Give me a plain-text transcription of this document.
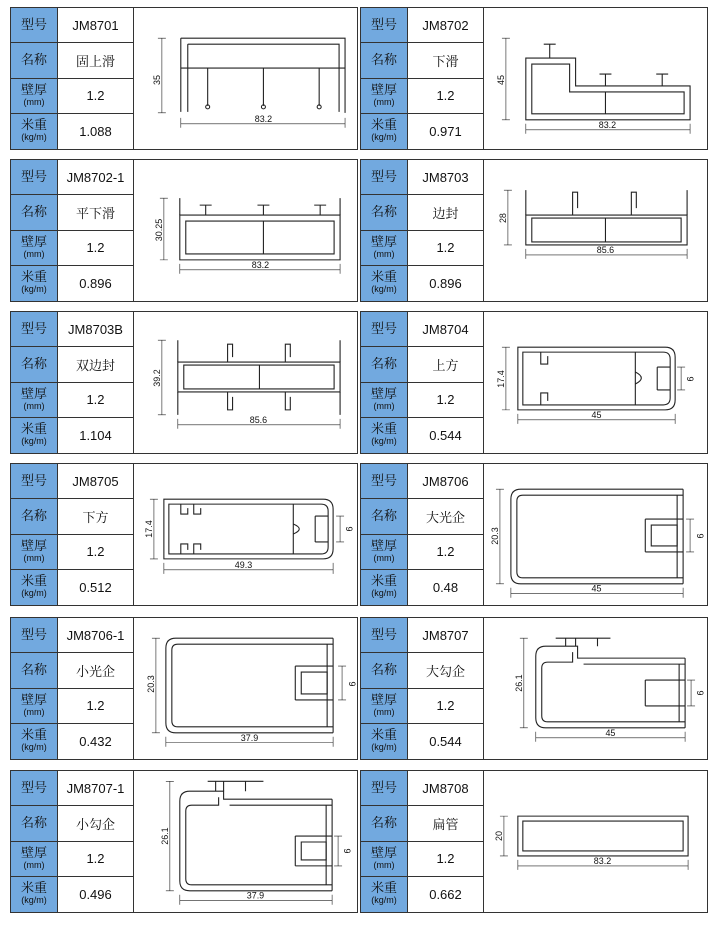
型号	JM8701
名称	固上滑
壁厚
(mm)	1.2
米重
(kg/m)	1.088
35
83.2
型号	JM8702
名称	下滑
壁厚
(mm)	1.2
米重
(kg/m)	0.971
45
83.2
型号	JM8702-1
名称	平下滑
壁厚
(mm)	1.2
米重
(kg/m)	0.896
30.25
83.2
型号	JM8703
名称	边封
壁厚
(mm)	1.2
米重
(kg/m)	0.896
28
85.6
型号	JM8703B
名称	双边封
壁厚
(mm)	1.2
米重
(kg/m)	1.104
39.2
85.6
型号	JM8704
名称	上方
壁厚
(mm)	1.2
米重
(kg/m)	0.544
17.4	9
45
型号	JM8705
名称	下方
壁厚
(mm)	1.2
米重
(kg/m)	0.512
17.4	9
49.3
型号	JM8706
名称	大光企
壁厚
(mm)	1.2
米重
(kg/m)	0.48
20.3	9
45
型号	JM8706-1
名称	小光企
壁厚
(mm)	1.2
米重
(kg/m)	0.432
20.3	9
37.9
型号	JM8707
名称	大勾企
壁厚
(mm)	1.2
米重
(kg/m)	0.544
26.1
9
45
型号	JM8707-1
名称	小勾企
壁厚
(mm)	1.2
米重
(kg/m)	0.496
26.1
9
37.9
型号	JM8708
名称	扁管
壁厚
(mm)	1.2
米重
(kg/m)	0.662
20
83.2
